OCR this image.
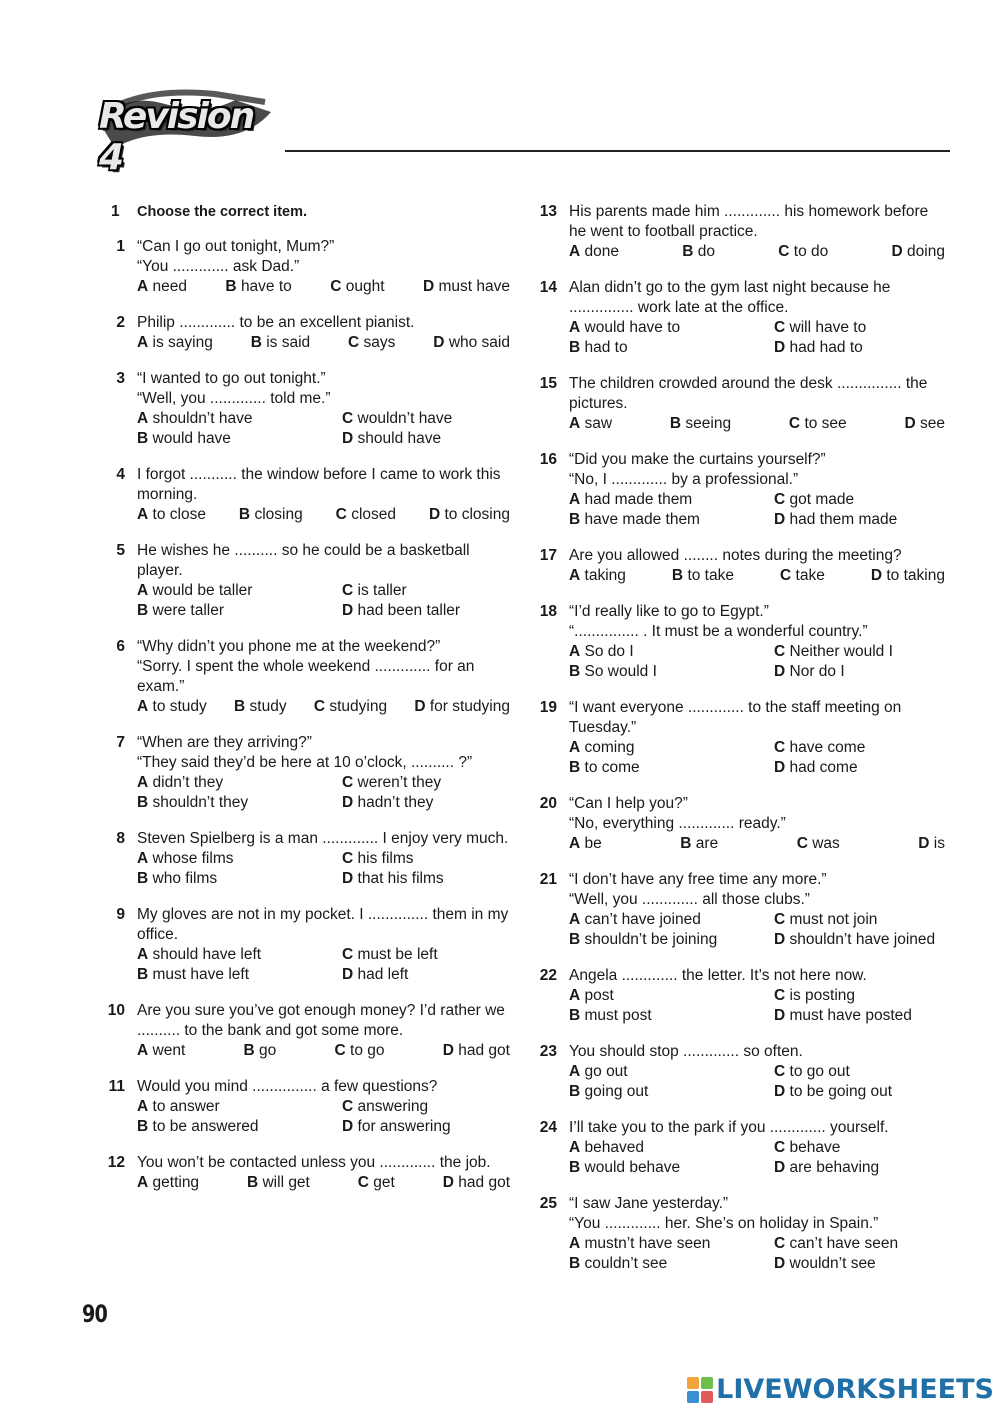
Revision 4
1	Choose the correct item.
1 “Can I go out tonight, Mum?”
“You ............. ask Dad.”
A need B have to C ought D must have
2 Philip ............. to be an excellent pianist.
A is saying B is said C says D who said
3 “I wanted to go out tonight.”
“Well, you ............. told me.”
A shouldn’t have	C wouldn’t have
B would have	D should have
4 I forgot ........... the window before I came to work this morning.
A to close B closing C closed D to closing
5 He wishes he .......... so he could be a basketball player.
A would be taller	C is taller
B were taller	D had been taller
6 “Why didn’t you phone me at the weekend?”
“Sorry. I spent the whole weekend ............. for an exam.”
A to study B study C studying D for studying
7 “When are they arriving?”
“They said they’d be here at 10 o’clock, .......... ?”
A didn’t they	C weren’t they
B shouldn’t they	D hadn’t they
8 Steven Spielberg is a man ............. I enjoy very much.
A whose films	C his films
B who films	D that his films
9 My gloves are not in my pocket. I .............. them in my office.
A should have left	C must be left
B must have left	D had left
10 Are you sure you’ve got enough money? I’d rather we .......... to the bank and got some more.
A went	B go	C to go	D had got
11 Would you mind ............... a few questions?
A to answer	C answering
B to be answered	D for answering
12 You won’t be contacted unless you ............. the job.
A getting	B will get	C get	D had got
13 His parents made him ............. his homework before he went to football practice.
A done	B do	C to do	D doing
14 Alan didn’t go to the gym last night because he ............... work late at the office.
A would have to	C will have to
B had to	D had had to
15 The children crowded around the desk ............... the pictures.
A saw	B seeing	C to see	D see
16 “Did you make the curtains yourself?”
“No, I ............. by a professional.”
A had made them	C got made
B have made them	D had them made
17 Are you allowed ........ notes during the meeting?
A taking	B to take	C take	D to taking
18 “I’d really like to go to Egypt.”
“............... . It must be a wonderful country.”
A So do I	C Neither would I
B So would I	D Nor do I
19 “I want everyone ............. to the staff meeting on Tuesday.”
A coming	C have come
B to come	D had come
20 “Can I help you?”
“No, everything ............. ready.”
A be	B are	C was	D is
21 “I don’t have any free time any more.”
“Well, you ............. all those clubs.”
A can’t have joined	C must not join
B shouldn’t be joining	D shouldn’t have joined
22 Angela ............. the letter. It’s not here now.
A post	C is posting
B must post	D must have posted
23 You should stop ............. so often.
A go out	C to go out
B going out	D to be going out
24 I’ll take you to the park if you ............. yourself.
A behaved	C behave
B would behave	D are behaving
25 “I saw Jane yesterday.”
“You ............. her. She’s on holiday in Spain.”
A mustn’t have seen	C can’t have seen
B couldn’t see	D wouldn’t see
90
LIVEWORKSHEETS
